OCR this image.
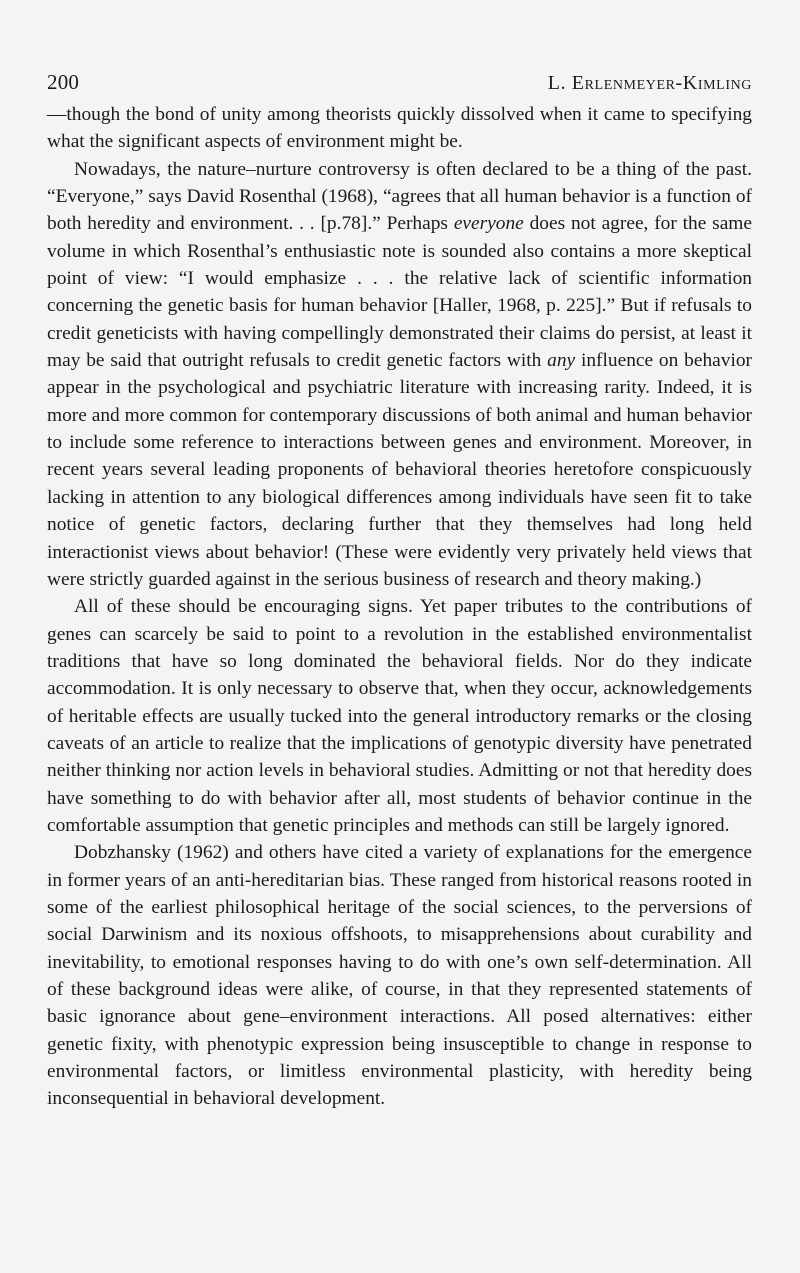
200	L. Erlenmeyer-Kimling

—though the bond of unity among theorists quickly dissolved when it came to specifying what the significant aspects of environment might be.

Nowadays, the nature–nurture controversy is often declared to be a thing of the past. “Everyone,” says David Rosenthal (1968), “agrees that all human behavior is a function of both heredity and environment. . . [p.78].” Perhaps everyone does not agree, for the same volume in which Rosenthal’s enthusiastic note is sounded also contains a more skeptical point of view: “I would emphasize . . . the relative lack of scientific information concerning the genetic basis for human behavior [Haller, 1968, p. 225].” But if refusals to credit geneticists with having compellingly demonstrated their claims do persist, at least it may be said that outright refusals to credit genetic factors with any influence on behavior appear in the psychological and psychiatric literature with increasing rarity. Indeed, it is more and more common for contemporary discussions of both animal and human behavior to include some reference to interactions between genes and environment. Moreover, in recent years several leading proponents of behavioral theories heretofore conspicuously lacking in attention to any biological differences among individuals have seen fit to take notice of genetic factors, declaring further that they themselves had long held interactionist views about behavior! (These were evidently very privately held views that were strictly guarded against in the serious business of research and theory making.)

All of these should be encouraging signs. Yet paper tributes to the contributions of genes can scarcely be said to point to a revolution in the established environmentalist traditions that have so long dominated the behavioral fields. Nor do they indicate accommodation. It is only necessary to observe that, when they occur, acknowledgements of heritable effects are usually tucked into the general introductory remarks or the closing caveats of an article to realize that the implications of genotypic diversity have penetrated neither thinking nor action levels in behavioral studies. Admitting or not that heredity does have something to do with behavior after all, most students of behavior continue in the comfortable assumption that genetic principles and methods can still be largely ignored.

Dobzhansky (1962) and others have cited a variety of explanations for the emergence in former years of an anti-hereditarian bias. These ranged from historical reasons rooted in some of the earliest philosophical heritage of the social sciences, to the perversions of social Darwinism and its noxious offshoots, to misapprehensions about curability and inevitability, to emotional responses having to do with one’s own self-determination. All of these background ideas were alike, of course, in that they represented statements of basic ignorance about gene–environment interactions. All posed alternatives: either genetic fixity, with phenotypic expression being insusceptible to change in response to environmental factors, or limitless environmental plasticity, with heredity being inconsequential in behavioral development.
